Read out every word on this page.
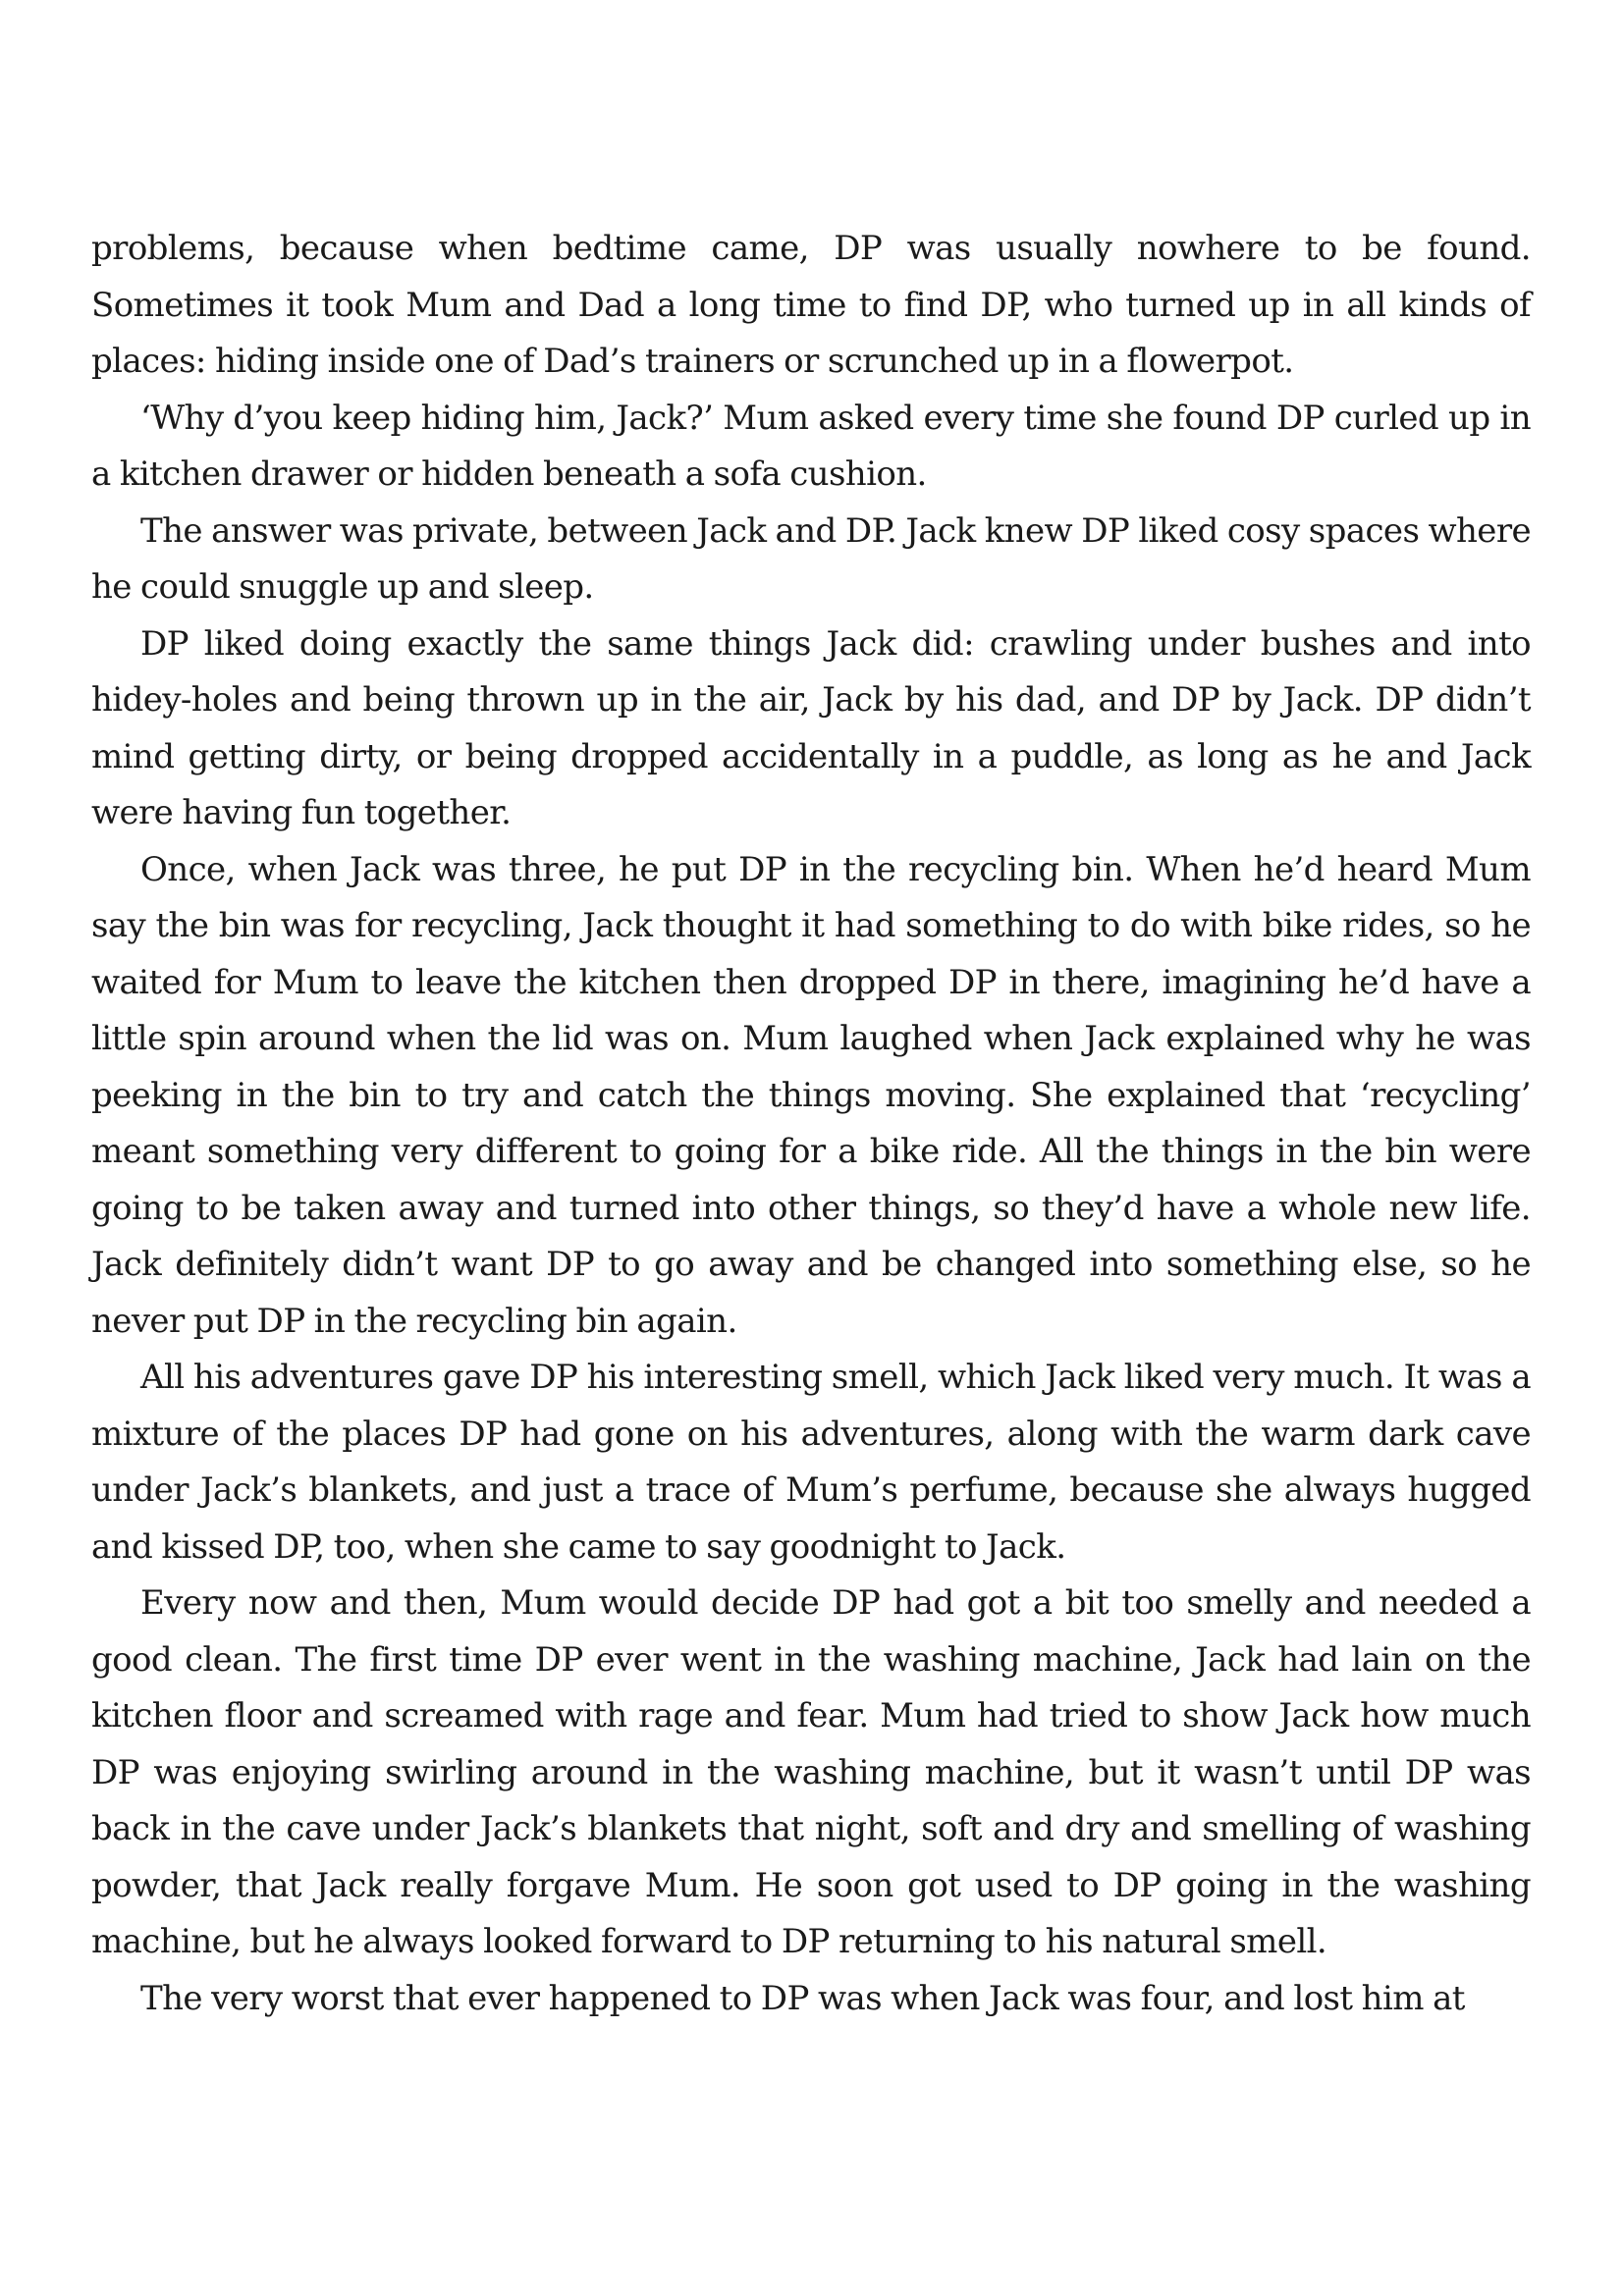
problems, because when bedtime came, DP was usually nowhere to be found. Sometimes it took Mum and Dad a long time to find DP, who turned up in all kinds of places: hiding inside one of Dad’s trainers or scrunched up in a flowerpot.

‘Why d’you keep hiding him, Jack?’ Mum asked every time she found DP curled up in a kitchen drawer or hidden beneath a sofa cushion.

The answer was private, between Jack and DP. Jack knew DP liked cosy spaces where he could snuggle up and sleep.

DP liked doing exactly the same things Jack did: crawling under bushes and into hidey-holes and being thrown up in the air, Jack by his dad, and DP by Jack. DP didn’t mind getting dirty, or being dropped accidentally in a puddle, as long as he and Jack were having fun together.

Once, when Jack was three, he put DP in the recycling bin. When he’d heard Mum say the bin was for recycling, Jack thought it had something to do with bike rides, so he waited for Mum to leave the kitchen then dropped DP in there, imagining he’d have a little spin around when the lid was on. Mum laughed when Jack explained why he was peeking in the bin to try and catch the things moving. She explained that ‘recycling’ meant something very different to going for a bike ride. All the things in the bin were going to be taken away and turned into other things, so they’d have a whole new life. Jack definitely didn’t want DP to go away and be changed into something else, so he never put DP in the recycling bin again.

All his adventures gave DP his interesting smell, which Jack liked very much. It was a mixture of the places DP had gone on his adventures, along with the warm dark cave under Jack’s blankets, and just a trace of Mum’s perfume, because she always hugged and kissed DP, too, when she came to say goodnight to Jack.

Every now and then, Mum would decide DP had got a bit too smelly and needed a good clean. The first time DP ever went in the washing machine, Jack had lain on the kitchen floor and screamed with rage and fear. Mum had tried to show Jack how much DP was enjoying swirling around in the washing machine, but it wasn’t until DP was back in the cave under Jack’s blankets that night, soft and dry and smelling of washing powder, that Jack really forgave Mum. He soon got used to DP going in the washing machine, but he always looked forward to DP returning to his natural smell.

The very worst that ever happened to DP was when Jack was four, and lost him at
